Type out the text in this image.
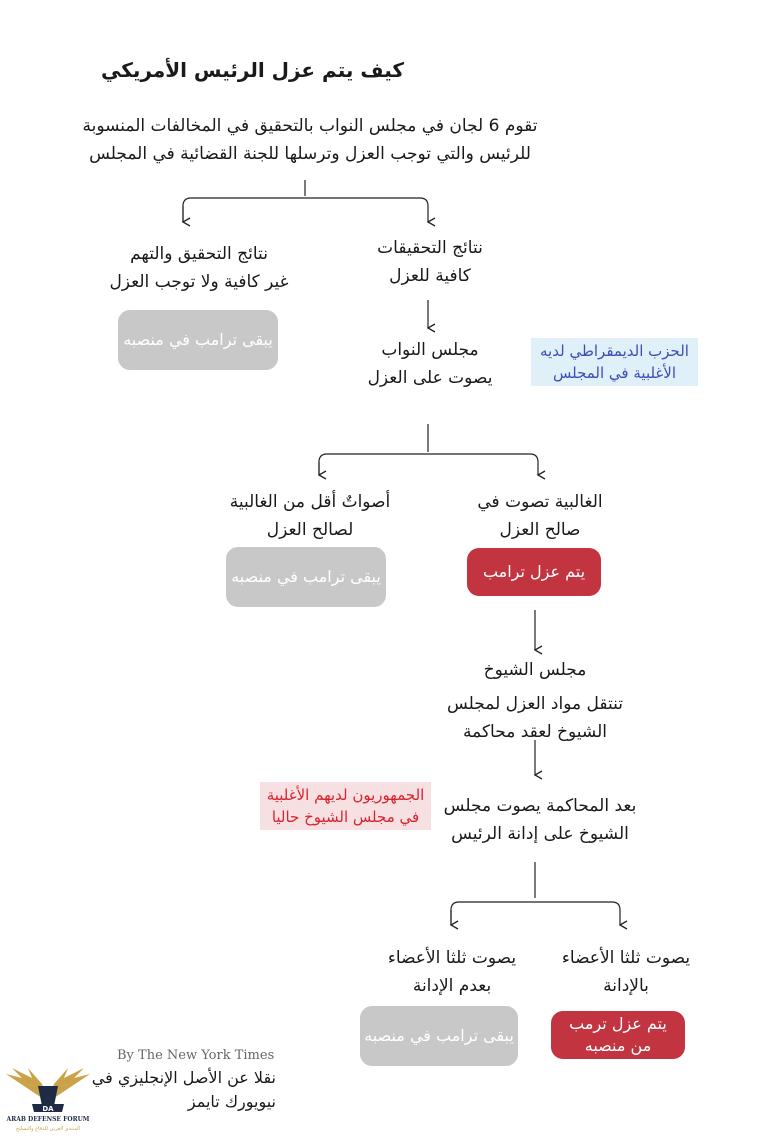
كيف يتم عزل الرئيس الأمريكي
تقوم 6 لجان في مجلس النواب بالتحقيق في المخالفات المنسوبة
للرئيس والتي توجب العزل وترسلها للجنة القضائية في المجلس
نتائج التحقيقات
كافية للعزل
نتائج التحقيق والتهم
غير كافية ولا توجب العزل
يبقى ترامب في منصبه
مجلس النواب
يصوت على العزل
الحزب الديمقراطي لديه
الأغلبية في المجلس
الغالبية تصوت في
صالح العزل
أصواتٌ أقل من الغالبية
لصالح العزل
يتم عزل ترامب
يبقى ترامب في منصبه
مجلس الشيوخ
تنتقل مواد العزل لمجلس
الشيوخ لعقد محاكمة
بعد المحاكمة يصوت مجلس
الشيوخ على إدانة الرئيس
الجمهوريون لديهم الأغلبية
في مجلس الشيوخ حاليا
يصوت ثلثا الأعضاء
بالإدانة
يصوت ثلثا الأعضاء
بعدم الإدانة
يتم عزل ترمب
من منصبه
يبقى ترامب في منصبه
By The New York Times
نقلا عن الأصل الإنجليزي في
نيويورك تايمز
DA
ARAB DEFENSE FORUM
المنتدى العربي للدفاع والتسليح
